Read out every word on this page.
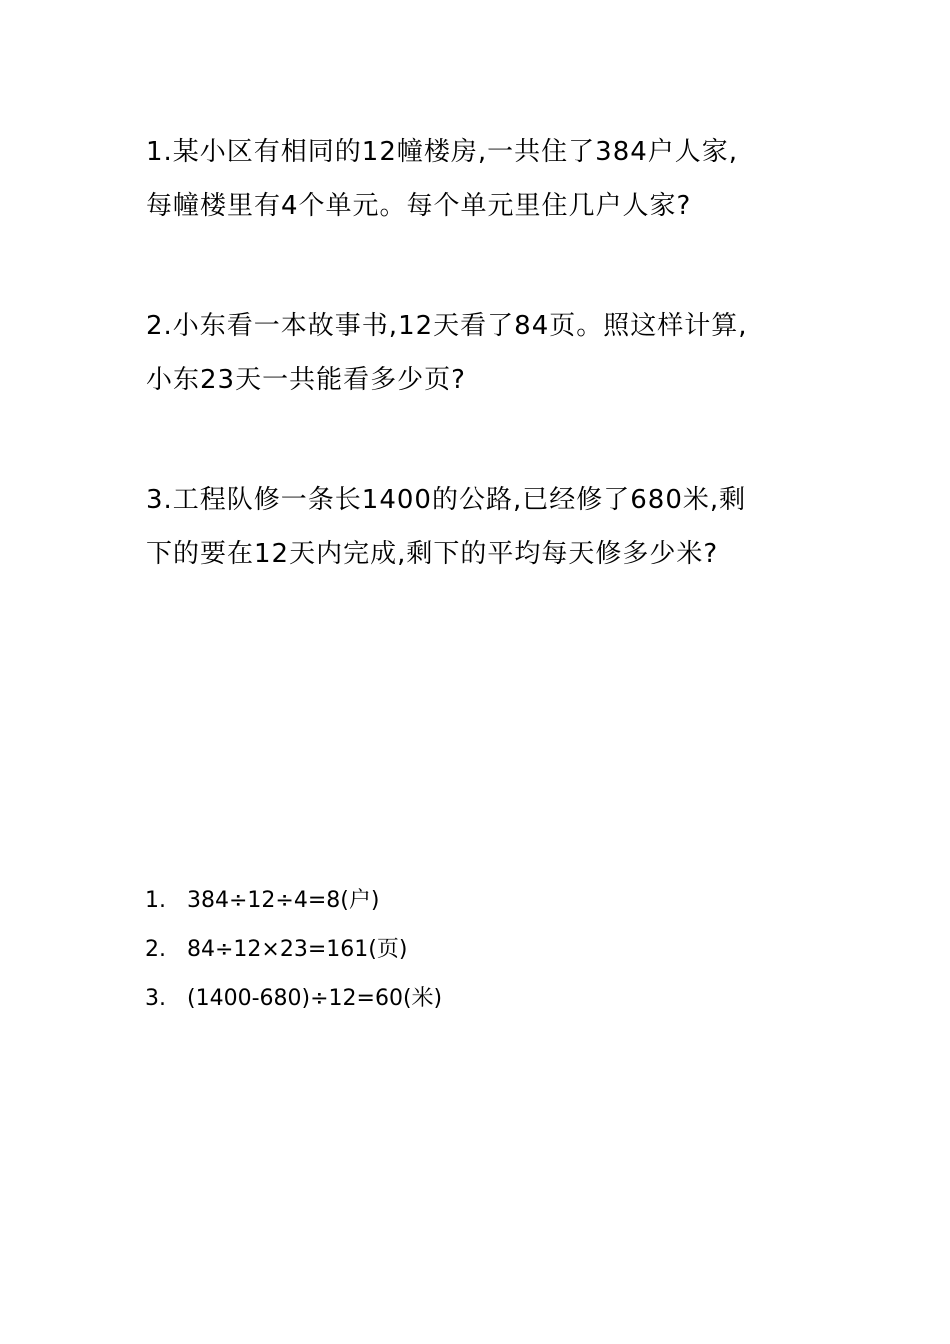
1.某小区有相同的12幢楼房,一共住了384户人家,
每幢楼里有4个单元。每个单元里住几户人家?
2.小东看一本故事书,12天看了84页。照这样计算,
小东23天一共能看多少页?
3.工程队修一条长1400的公路,已经修了680米,剩
下的要在12天内完成,剩下的平均每天修多少米?
1. 384÷12÷4=8(户)
2. 84÷12×23=161(页)
3. (1400-680)÷12=60(米)
